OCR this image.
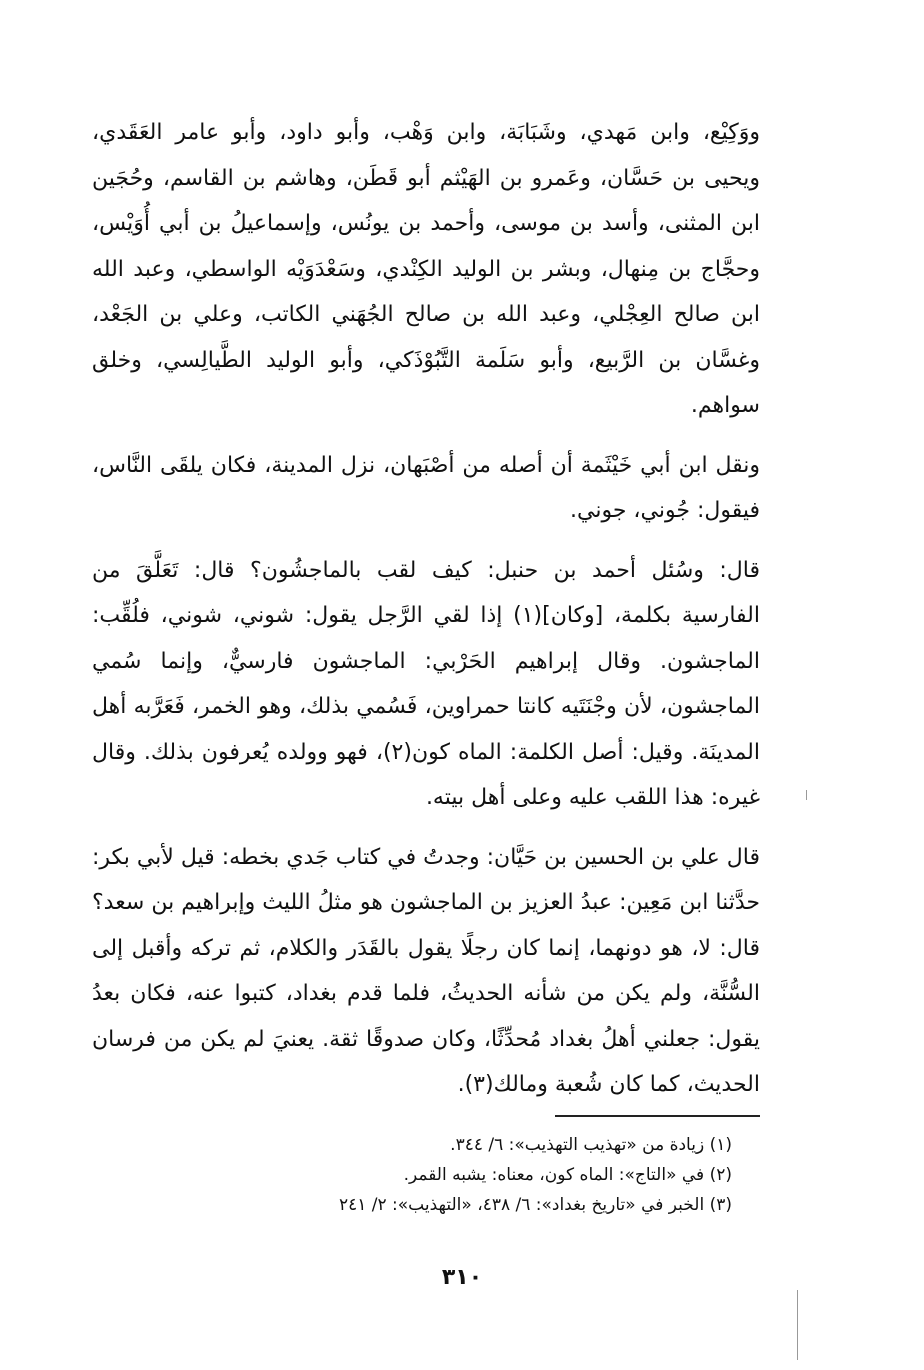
ووَكِيْع، وابن مَهدي، وشَبَابَة، وابن وَهْب، وأبو داود، وأبو عامر العَقَدي، ويحيى بن حَسَّان، وعَمرو بن الهَيْثم أبو قَطَن، وهاشم بن القاسم، وحُجَين ابن المثنى، وأسد بن موسى، وأحمد بن يونُس، وإسماعيلُ بن أبي أُوَيْس، وحجَّاج بن مِنهال، وبشر بن الوليد الكِنْدي، وسَعْدَوَيْه الواسطي، وعبد الله ابن صالح العِجْلي، وعبد الله بن صالح الجُهَني الكاتب، وعلي بن الجَعْد، وغسَّان بن الرَّبيع، وأبو سَلَمة التَّبُوْذَكي، وأبو الوليد الطَّيالِسي، وخلق سواهم.

ونقل ابن أبي خَيْثَمة أن أصله من أصْبَهان، نزل المدينة، فكان يلقَى النَّاس، فيقول: جُوني، جوني.

قال: وسُئل أحمد بن حنبل: كيف لقب بالماجشُون؟ قال: تَعَلَّقَ من الفارسية بكلمة، [وكان](١) إذا لقي الرَّجل يقول: شوني، شوني، فلُقِّب: الماجشون. وقال إبراهيم الحَرْبي: الماجشون فارسيٌّ، وإنما سُمي الماجشون، لأن وجْنَتَيه كانتا حمراوين، فَسُمي بذلك، وهو الخمر، فَعَرَّبه أهل المدينَة. وقيل: أصل الكلمة: الماه كون(٢)، فهو وولده يُعرفون بذلك. وقال غيره: هذا اللقب عليه وعلى أهل بيته.

قال علي بن الحسين بن حَيَّان: وجدتُ في كتاب جَدي بخطه: قيل لأبي بكر: حدَّثنا ابن مَعِين: عبدُ العزيز بن الماجشون هو مثلُ الليث وإبراهيم بن سعد؟ قال: لا، هو دونهما، إنما كان رجلًا يقول بالقَدَر والكلام، ثم تركه وأقبل إلى السُّنَّة، ولم يكن من شأنه الحديثُ، فلما قدم بغداد، كتبوا عنه، فكان بعدُ يقول: جعلني أهلُ بغداد مُحدِّثًا، وكان صدوقًا ثقة. يعنيَ لم يكن من فرسان الحديث، كما كان شُعبة ومالك(٣).

(١) زيادة من «تهذيب التهذيب»: ٦/ ٣٤٤.

(٢) في «التاج»: الماه كون، معناه: يشبه القمر.

(٣) الخبر في «تاريخ بغداد»: ٦/ ٤٣٨، «التهذيب»: ٢/ ٢٤١

٣١٠
